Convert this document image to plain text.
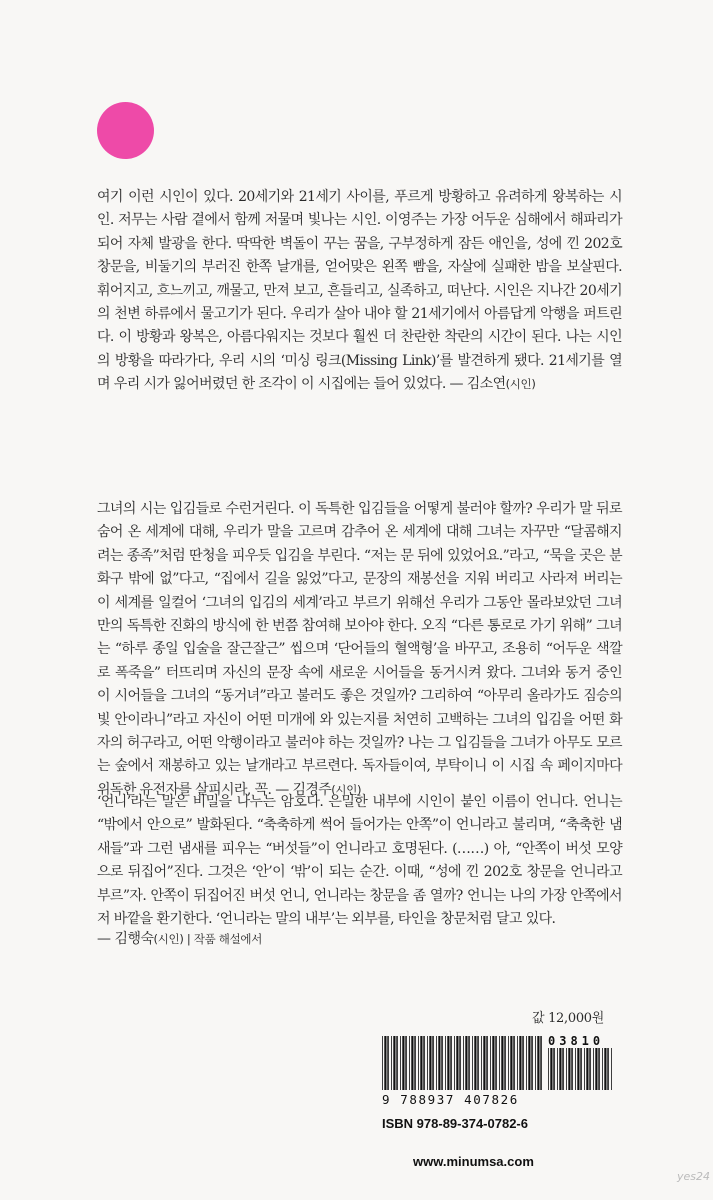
여기 이런 시인이 있다. 20세기와 21세기 사이를, 푸르게 방황하고 유려하게 왕복하는 시인. 저무는 사람 곁에서 함께 저물며 빛나는 시인. 이영주는 가장 어두운 심해에서 해파리가 되어 자체 발광을 한다. 딱딱한 벽돌이 꾸는 꿈을, 구부정하게 잠든 애인을, 성에 낀 202호 창문을, 비둘기의 부러진 한쪽 날개를, 얻어맞은 왼쪽 빰을, 자살에 실패한 밤을 보살핀다. 휘어지고, 흐느끼고, 깨물고, 만져 보고, 흔들리고, 실족하고, 떠난다. 시인은 지나간 20세기의 천변 하류에서 물고기가 된다. 우리가 살아 내야 할 21세기에서 아름답게 악행을 퍼트린다. 이 방황과 왕복은, 아름다워지는 것보다 훨씬 더 찬란한 착란의 시간이 된다. 나는 시인의 방황을 따라가다, 우리 시의 ‘미싱 링크(Missing Link)’를 발견하게 됐다. 21세기를 열며 우리 시가 잃어버렸던 한 조각이 이 시집에는 들어 있었다. — 김소연(시인)

그녀의 시는 입김들로 수런거린다. 이 독특한 입김들을 어떻게 불러야 할까? 우리가 말 뒤로 숨어 온 세계에 대해, 우리가 말을 고르며 감추어 온 세계에 대해 그녀는 자꾸만 “달콤해지려는 종족”처럼 딴청을 피우듯 입김을 부린다. “저는 문 뒤에 있었어요.”라고, “묵을 곳은 분화구 밖에 없”다고, “집에서 길을 잃었”다고, 문장의 재봉선을 지워 버리고 사라져 버리는 이 세계를 일컬어 ‘그녀의 입김의 세계’라고 부르기 위해선 우리가 그동안 몰라보았던 그녀만의 독특한 진화의 방식에 한 번쯤 참여해 보아야 한다. 오직 “다른 통로로 가기 위해” 그녀는 “하루 종일 입술을 잘근잘근” 씹으며 ‘단어들의 혈액형’을 바꾸고, 조용히 “어두운 색깔로 폭죽을” 터뜨리며 자신의 문장 속에 새로운 시어들을 동거시켜 왔다. 그녀와 동거 중인 이 시어들을 그녀의 “동거녀”라고 불러도 좋은 것일까? 그리하여 “아무리 올라가도 짐승의 빛 안이라니”라고 자신이 어떤 미개에 와 있는지를 처연히 고백하는 그녀의 입김을 어떤 화자의 허구라고, 어떤 악행이라고 불러야 하는 것일까? 나는 그 입김들을 그녀가 아무도 모르는 숲에서 재봉하고 있는 날개라고 부르련다. 독자들이여, 부탁이니 이 시집 속 페이지마다 위독한 유전자를 살피시라, 꼭. — 김경주(시인)

‘언니’라는 말은 비밀을 나누는 암호다. 은밀한 내부에 시인이 붙인 이름이 언니다. 언니는 “밖에서 안으로” 발화된다. “축축하게 썩어 들어가는 안쪽”이 언니라고 불리며, “축축한 냄새들”과 그런 냄새를 피우는 “버섯들”이 언니라고 호명된다. (……) 아, “안쪽이 버섯 모양으로 뒤집어”진다. 그것은 ‘안’이 ‘밖’이 되는 순간. 이때, “성에 낀 202호 창문을 언니라고 부르”자. 안쪽이 뒤집어진 버섯 언니, 언니라는 창문을 좀 열까? 언니는 나의 가장 안쪽에서 저 바깥을 환기한다. ‘언니라는 말의 내부’는 외부를, 타인을 창문처럼 달고 있다.

— 김행숙(시인) | 작품 해설에서
값 12,000원
03810
9 788937 407826
ISBN 978-89-374-0782-6
www.minumsa.com
yes24
